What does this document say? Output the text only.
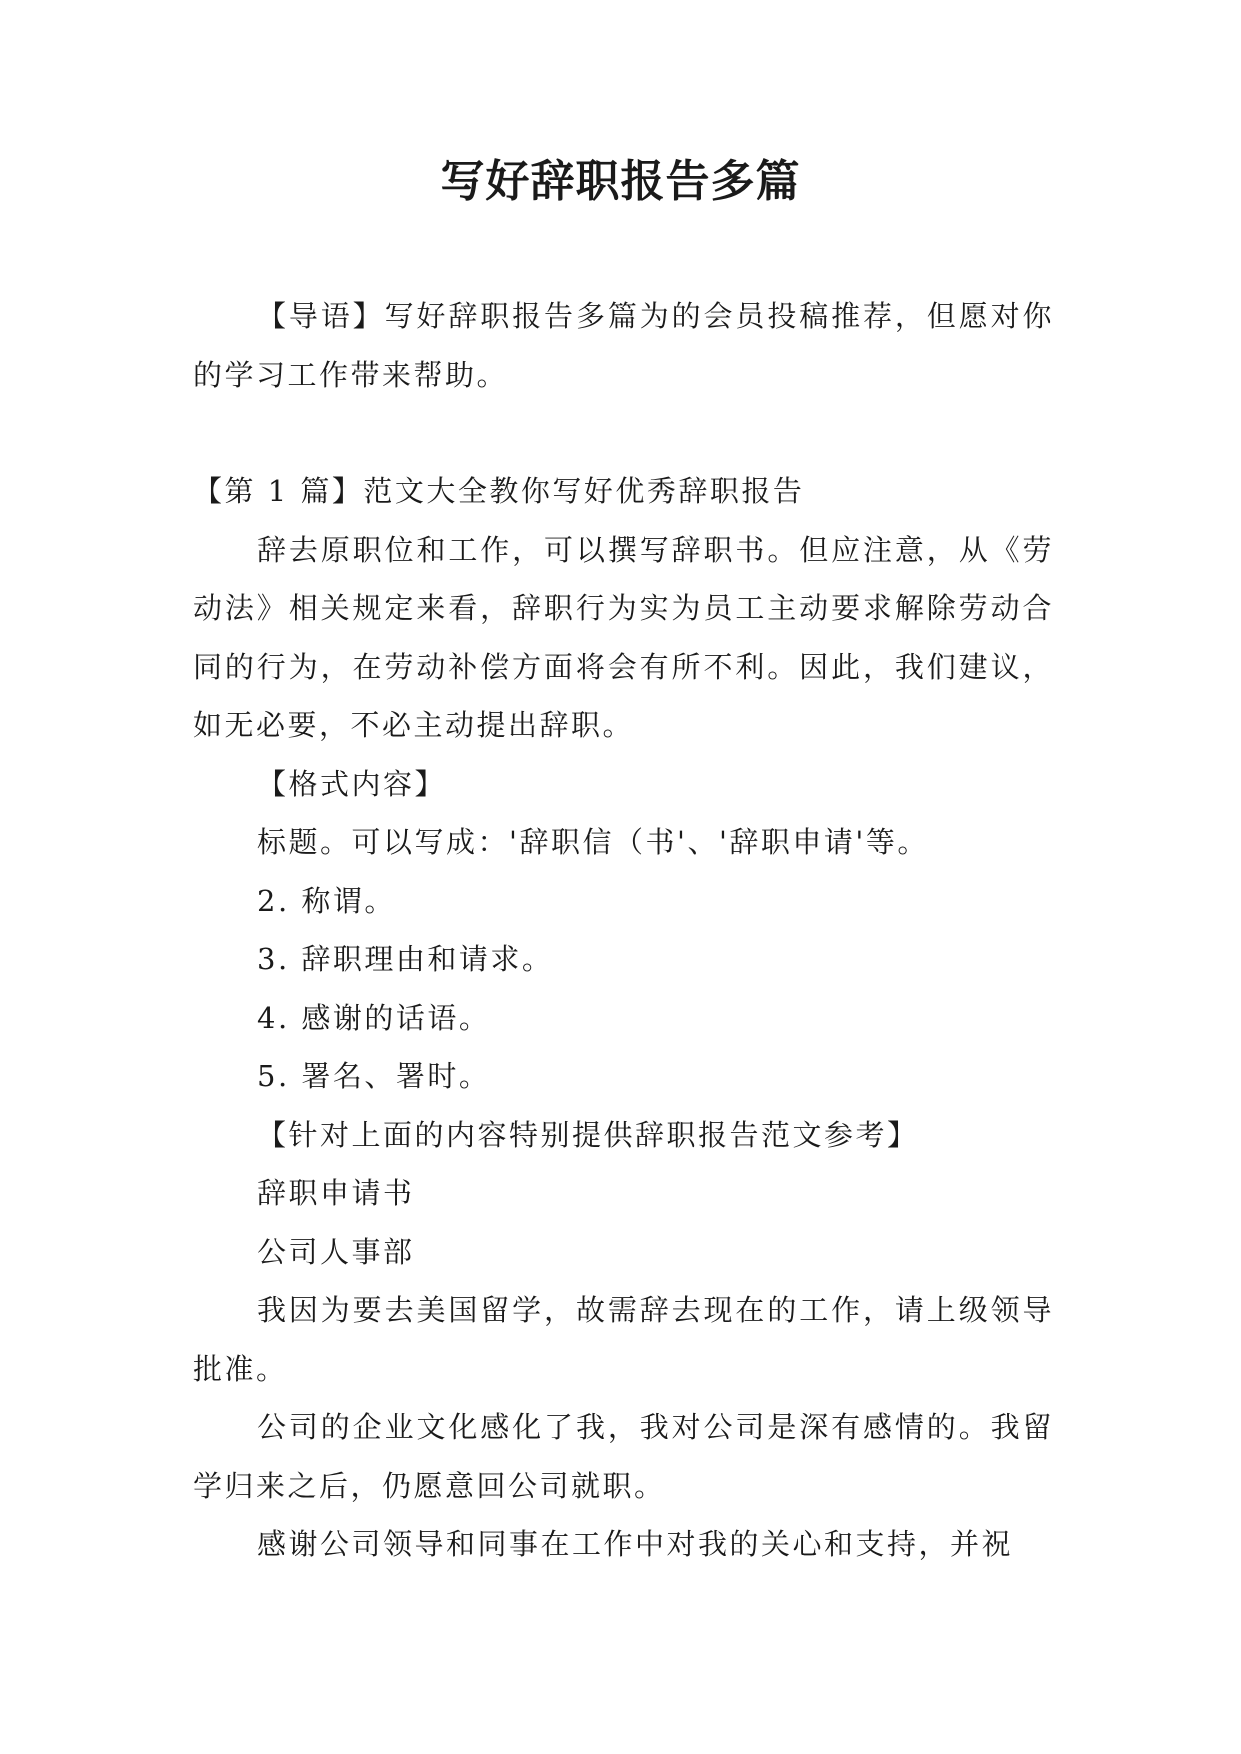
写好辞职报告多篇

【导语】写好辞职报告多篇为的会员投稿推荐，但愿对你的学习工作带来帮助。

【第 1 篇】范文大全教你写好优秀辞职报告

辞去原职位和工作，可以撰写辞职书。但应注意，从《劳动法》相关规定来看，辞职行为实为员工主动要求解除劳动合同的行为，在劳动补偿方面将会有所不利。因此，我们建议，如无必要，不必主动提出辞职。

【格式内容】

标题。可以写成：'辞职信（书'、'辞职申请'等。

2. 称谓。

3. 辞职理由和请求。

4. 感谢的话语。

5. 署名、署时。

【针对上面的内容特别提供辞职报告范文参考】

辞职申请书

公司人事部

我因为要去美国留学，故需辞去现在的工作，请上级领导批准。

公司的企业文化感化了我，我对公司是深有感情的。我留学归来之后，仍愿意回公司就职。

感谢公司领导和同事在工作中对我的关心和支持，并祝
